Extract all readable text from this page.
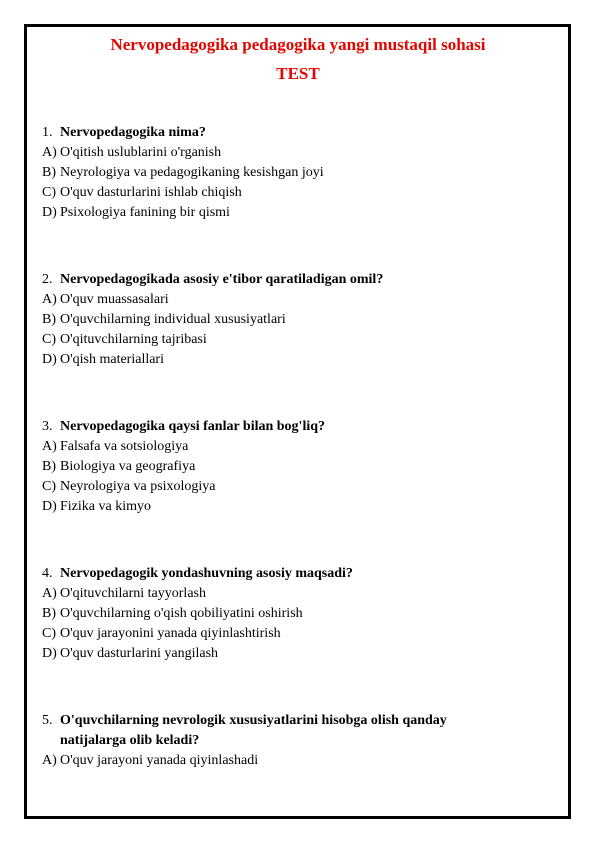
Nervopedagogika pedagogika yangi mustaqil sohasi
TEST
1. Nervopedagogika nima?
A) O'qitish uslublarini o'rganish
B) Neyrologiya va pedagogikaning kesishgan joyi
C) O'quv dasturlarini ishlab chiqish
D) Psixologiya fanining bir qismi
2. Nervopedagogikada asosiy e'tibor qaratiladigan omil?
A) O'quv muassasalari
B) O'quvchilarning individual xususiyatlari
C) O'qituvchilarning tajribasi
D) O'qish materiallari
3. Nervopedagogika qaysi fanlar bilan bog'liq?
A) Falsafa va sotsiologiya
B) Biologiya va geografiya
C) Neyrologiya va psixologiya
D) Fizika va kimyo
4. Nervopedagogik yondashuvning asosiy maqsadi?
A) O'qituvchilarni tayyorlash
B) O'quvchilarning o'qish qobiliyatini oshirish
C) O'quv jarayonini yanada qiyinlashtirish
D) O'quv dasturlarini yangilash
5. O'quvchilarning nevrologik xususiyatlarini hisobga olish qanday natijalarga olib keladi?
A) O'quv jarayoni yanada qiyinlashadi
